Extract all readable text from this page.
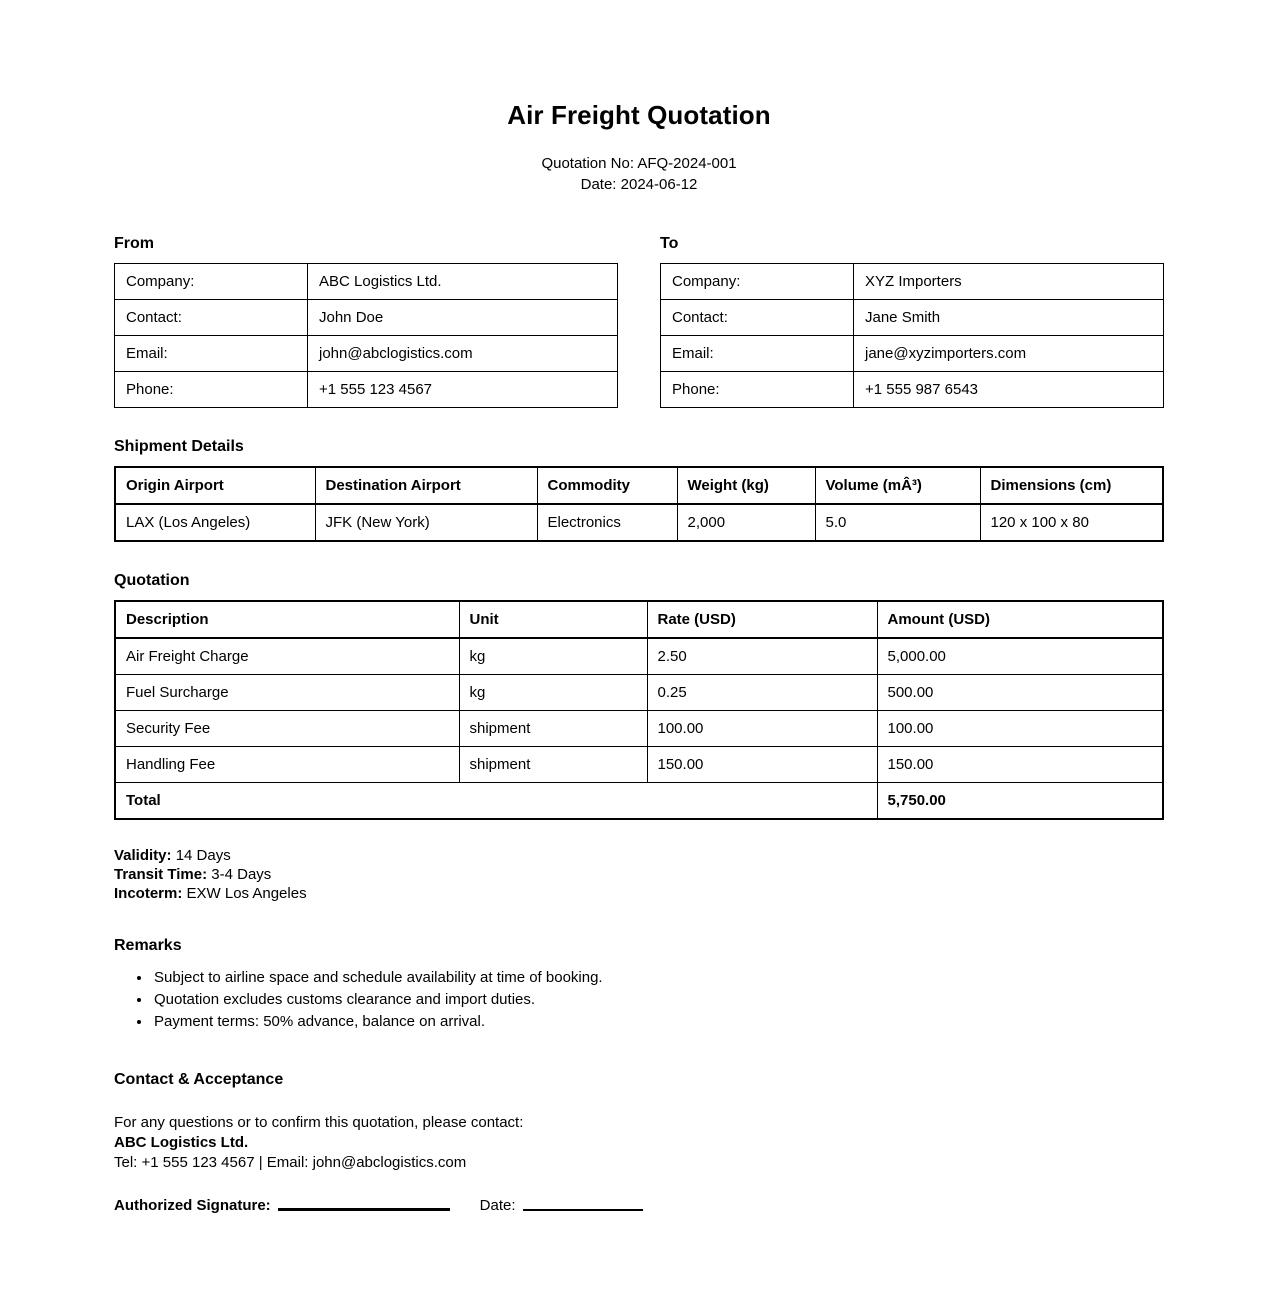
Air Freight Quotation
Quotation No: AFQ-2024-001
Date: 2024-06-12
From
Company:	ABC Logistics Ltd.
Contact:	John Doe
Email:	john@abclogistics.com
Phone:	+1 555 123 4567
To
Company:	XYZ Importers
Contact:	Jane Smith
Email:	jane@xyzimporters.com
Phone:	+1 555 987 6543
Shipment Details
Origin Airport	Destination Airport	Commodity	Weight (kg)	Volume (mÂ³)	Dimensions (cm)
LAX (Los Angeles)	JFK (New York)	Electronics	2,000	5.0	120 x 100 x 80
Quotation
Description	Unit	Rate (USD)	Amount (USD)
Air Freight Charge	kg	2.50	5,000.00
Fuel Surcharge	kg	0.25	500.00
Security Fee	shipment	100.00	100.00
Handling Fee	shipment	150.00	150.00
Total			5,750.00
Validity: 14 Days
Transit Time: 3-4 Days
Incoterm: EXW Los Angeles
Remarks
• Subject to airline space and schedule availability at time of booking.
• Quotation excludes customs clearance and import duties.
• Payment terms: 50% advance, balance on arrival.
Contact & Acceptance
For any questions or to confirm this quotation, please contact:
ABC Logistics Ltd.
Tel: +1 555 123 4567 | Email: john@abclogistics.com
Authorized Signature:	Date:
